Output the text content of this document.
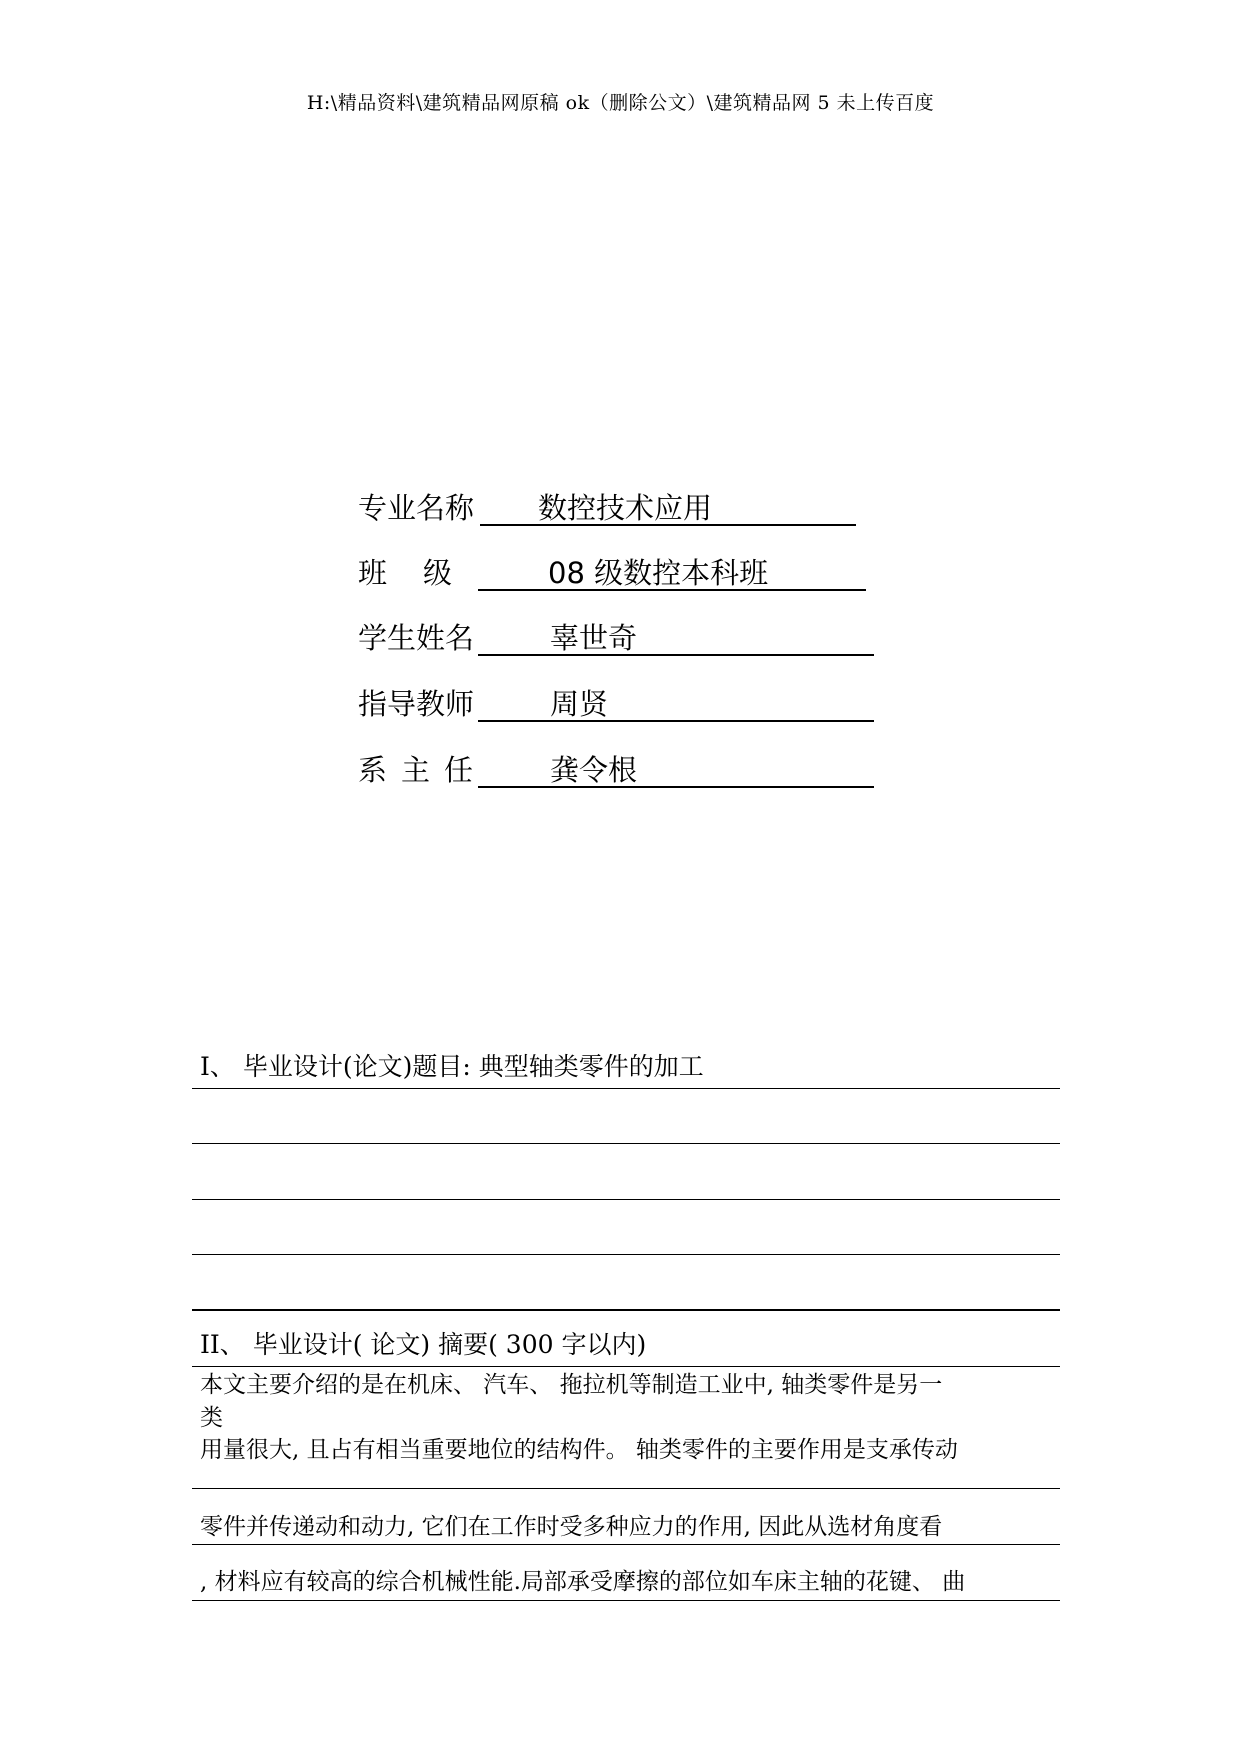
H:\精品资料\建筑精品网原稿 ok（删除公文）\建筑精品网 5 未上传百度
专业名称 数控技术应用
班级 08 级数控本科班
学生姓名	辜世奇
指导教师	周贤
系主任 龚令根
I、 毕业设计(论文)题目: 典型轴类零件的加工
II、 毕业设计( 论文) 摘要( 300 字以内)
本文主要介绍的是在机床、 汽车、 拖拉机等制造工业中, 轴类零件是另一
类
用量很大, 且占有相当重要地位的结构件。 轴类零件的主要作用是支承传动
零件并传递动和动力, 它们在工作时受多种应力的作用, 因此从选材角度看
, 材料应有较高的综合机械性能.局部承受摩擦的部位如车床主轴的花键、 曲
